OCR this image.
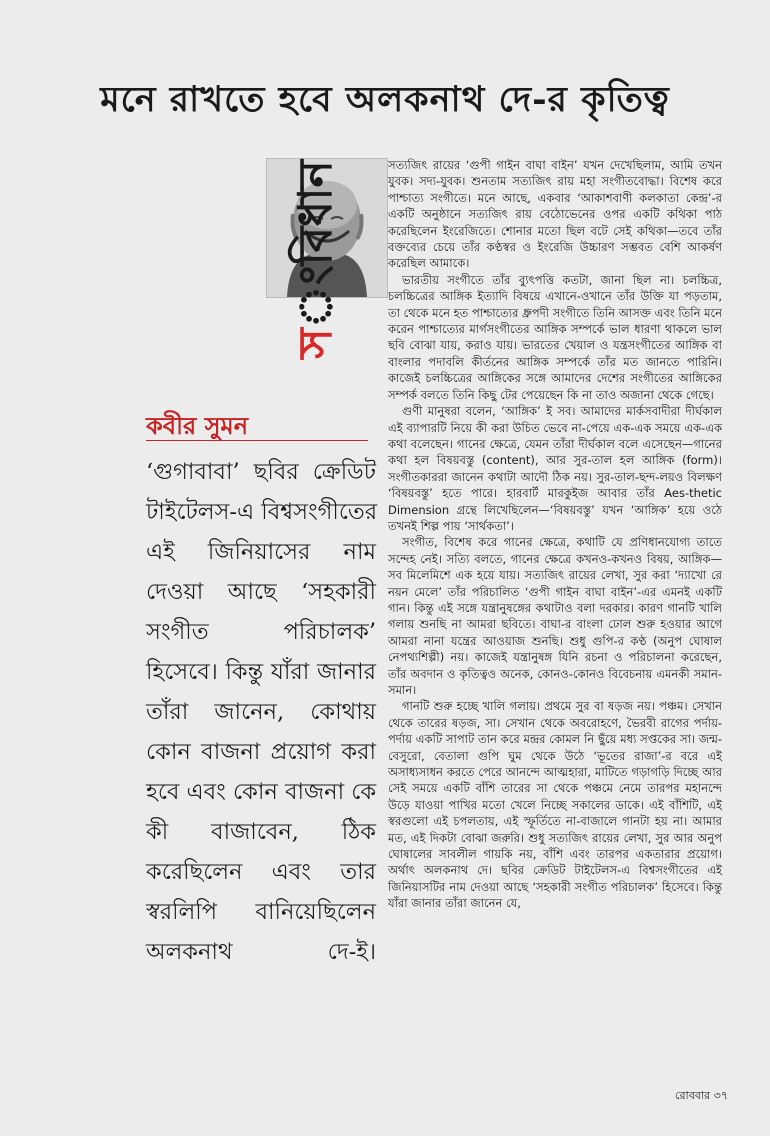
মনে রাখতে হবে অলকনাথ দে-র কৃতিত্ব
সংবিধান
কবীর সুমন
‘গুগাবাবা’ ছবির ক্রেডিট
টাইটেলস-এ বিশ্বসংগীতের
এই জিনিয়াসের নাম
দেওয়া আছে ‘সহকারী
সংগীত পরিচালক’
হিসেবে। কিন্তু যাঁরা জানার
তাঁরা জানেন, কোথায়
কোন বাজনা প্রয়োগ করা
হবে এবং কোন বাজনা কে
কী বাজাবেন, ঠিক
করেছিলেন এবং তার
স্বরলিপি বানিয়েছিলেন
অলকনাথ দে-ই।

সত্যজিৎ রায়ের ‘গুপী গাইন বাঘা বাইন’ যখন দেখেছিলাম, আমি তখন যুবক। সদ্য-যুবক। শুনতাম সত্যজিৎ রায় মহা সংগীতবোদ্ধা। বিশেষ করে পাশ্চাত্য সংগীতে। মনে আছে, একবার ‘আকাশবাণী কলকাতা কেন্দ্র’-র একটি অনুষ্ঠানে সত্যজিৎ রায় বেঠোভেনের ওপর একটি কথিকা পাঠ করেছিলেন ইংরেজিতে। শোনার মতো ছিল বটে সেই কথিকা—তবে তাঁর বক্তব্যের চেয়ে তাঁর কণ্ঠস্বর ও ইংরেজি উচ্চারণ সম্ভবত বেশি আকর্ষণ করেছিল আমাকে।

ভারতীয় সংগীতে তাঁর ব্যুৎপত্তি কতটা, জানা ছিল না। চলচ্চিত্র, চলচ্চিত্রের আঙ্গিক ইত্যাদি বিষয়ে এখানে-ওখানে তাঁর উক্তি যা পড়তাম, তা থেকে মনে হত পাশ্চাত্যের ধ্রুপদী সংগীতে তিনি আসক্ত এবং তিনি মনে করেন পাশ্চাত্যের মার্গসংগীতের আঙ্গিক সম্পর্কে ভাল ধারণা থাকলে ভাল ছবি বোঝা যায়, করাও যায়। ভারতের খেয়াল ও যন্ত্রসংগীতের আঙ্গিক বা বাংলার পদাবলি কীর্তনের আঙ্গিক সম্পর্কে তাঁর মত জানতে পারিনি। কাজেই চলচ্চিত্রের আঙ্গিকের সঙ্গে আমাদের দেশের সংগীতের আঙ্গিকের সম্পর্ক বলতে তিনি কিছু টের পেয়েছেন কি না তাও অজানা থেকে গেছে।

গুণী মানুষরা বলেন, ‘আঙ্গিক’ ই সব। আমাদের মার্কসবাদীরা দীর্ঘকাল এই ব্যাপারটি নিয়ে কী করা উচিত ভেবে না-পেয়ে এক-এক সময়ে এক-এক কথা বলেছেন। গানের ক্ষেত্রে, যেমন তাঁরা দীর্ঘকাল বলে এসেছেন—গানের কথা হল বিষয়বস্তু (content), আর সুর-তাল হল আঙ্গিক (form)। সংগীতকাররা জানেন কথাটা আদৌ ঠিক নয়। সুর-তাল-ছন্দ-লয়ও বিলক্ষণ ‘বিষয়বস্তু’ হতে পারে। হারবার্ট মারকুইজ আবার তাঁর Aes-thetic Dimension গ্রন্থে লিখেছিলেন—‘বিষয়বস্তু’ যখন ‘আঙ্গিক’ হয়ে ওঠে তখনই শিল্প পায় ‘সার্থকতা’।

সংগীত, বিশেষ করে গানের ক্ষেত্রে, কথাটি যে প্রণিধানযোগ্য তাতে সন্দেহ নেই। সত্যি বলতে, গানের ক্ষেত্রে কখনও-কখনও বিষয়, আঙ্গিক—সব মিলেমিশে এক হয়ে যায়। সত্যজিৎ রায়ের লেখা, সুর করা ‘দ্যাখো রে নয়ন মেলে’ তাঁর পরিচালিত ‘গুপী গাইন বাঘা বাইন’-এর এমনই একটি গান। কিন্তু এই সঙ্গে যন্ত্রানুষঙ্গের কথাটাও বলা দরকার। কারণ গানটি খালি গলায় শুনছি না আমরা ছবিতে। বাঘা-র বাংলা ঢোল শুরু হওয়ার আগে আমরা নানা যন্ত্রের আওয়াজ শুনছি। শুধু গুপি-র কণ্ঠ (অনুপ ঘোষাল নেপথ্যশিল্পী) নয়। কাজেই যন্ত্রানুষঙ্গ যিনি রচনা ও পরিচালনা করেছেন, তাঁর অবদান ও কৃতিত্বও অনেক, কোনও-কোনও বিবেচনায় এমনকী সমান-সমান।

গানটি শুরু হচ্ছে খালি গলায়। প্রথমে সুর বা ষড়জ নয়। পঞ্চম। সেখান থেকে তারের ষড়জ, সা। সেখান থেকে অবরোহণে, ভৈরবী রাগের পর্দায়-পর্দায় একটি সাপাট তান করে মন্দ্রর কোমল নি ছুঁয়ে মধ্য সপ্তকের সা। জন্ম-বেসুরো, বেতালা গুপি ঘুম থেকে উঠে ‘ভূতের রাজা’-র বরে এই অসাধ্যসাধন করতে পেরে আনন্দে আত্মহারা, মাটিতে গড়াগড়ি দিচ্ছে আর সেই সময়ে একটি বাঁশি তারের সা থেকে পঞ্চমে নেমে তারপর মহানন্দে উড়ে যাওয়া পাখির মতো খেলে নিচ্ছে সকালের ডাকে। এই বাঁশিটি, এই স্বরগুলো এই চপলতায়, এই স্ফূর্তিতে না-বাজালে গানটা হয় না। আমার মত, এই দিকটা বোঝা জরুরি। শুধু সত্যজিৎ রায়ের লেখা, সুর আর অনুপ ঘোষালের সাবলীল গায়কি নয়, বাঁশি এবং তারপর একতারার প্রয়োগ। অর্থাৎ অলকনাথ দে। ছবির ক্রেডিট টাইটেলস-এ বিশ্বসংগীতের এই জিনিয়াসটির নাম দেওয়া আছে ‘সহকারী সংগীত পরিচালক’ হিসেবে। কিন্তু যাঁরা জানার তাঁরা জানেন যে,

রোববার ৩৭
